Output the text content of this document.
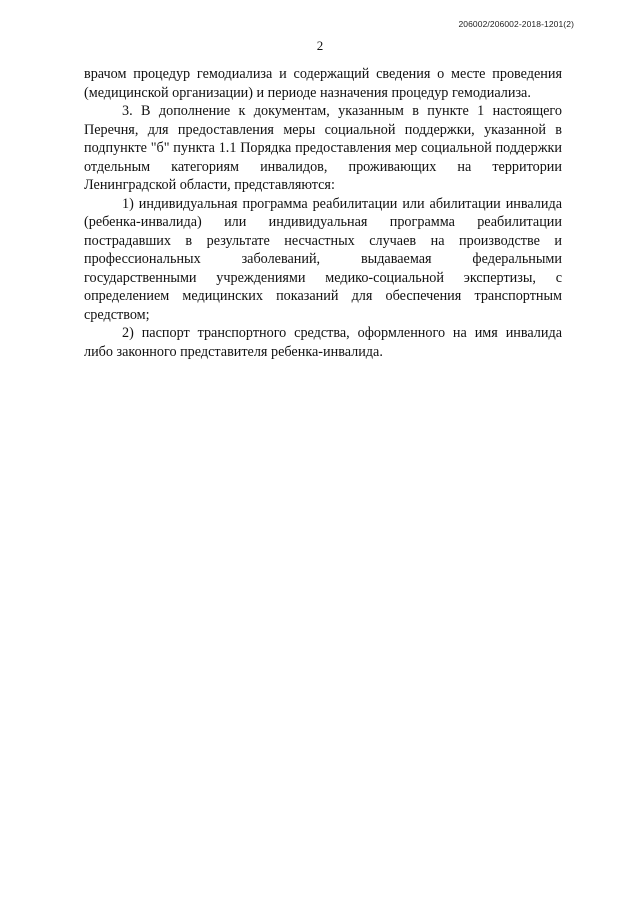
206002/206002-2018-1201(2)
2

врачом процедур гемодиализа и содержащий сведения о месте проведения (медицинской организации) и периоде назначения процедур гемодиализа.

3. В дополнение к документам, указанным в пункте 1 настоящего Перечня, для предоставления меры социальной поддержки, указанной в подпункте "б" пункта 1.1 Порядка предоставления мер социальной поддержки отдельным категориям инвалидов, проживающих на территории Ленинградской области, представляются:

1) индивидуальная программа реабилитации или абилитации инвалида (ребенка-инвалида) или индивидуальная программа реабилитации пострадавших в результате несчастных случаев на производстве и профессиональных заболеваний, выдаваемая федеральными государственными учреждениями медико-социальной экспертизы, с определением медицинских показаний для обеспечения транспортным средством;

2) паспорт транспортного средства, оформленного на имя инвалида либо законного представителя ребенка-инвалида.
